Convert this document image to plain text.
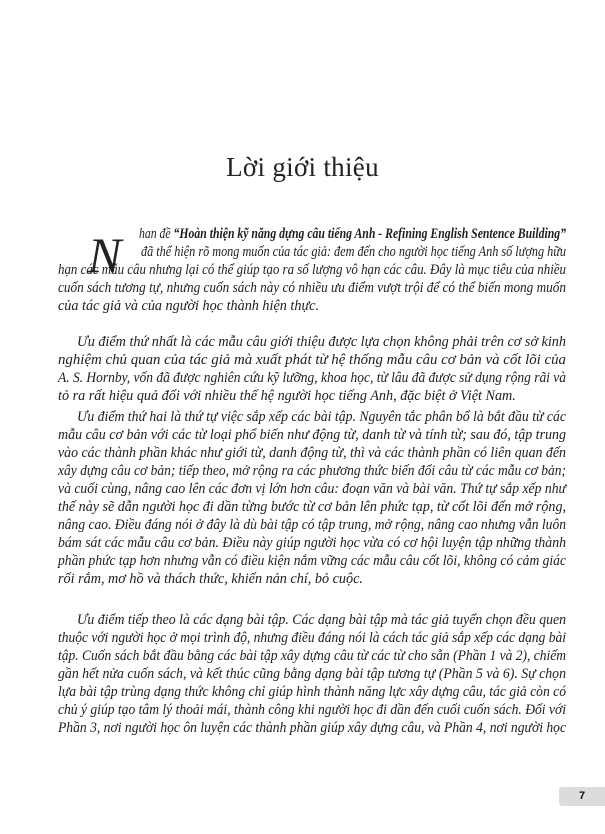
Lời giới thiệu
N han đề “Hoàn thiện kỹ năng dựng câu tiếng Anh - Refining English Sentence Building”
đã thể hiện rõ mong muốn của tác giả: đem đến cho người học tiếng Anh số lượng hữu
hạn các mẫu câu nhưng lại có thể giúp tạo ra số lượng vô hạn các câu. Đây là mục tiêu của nhiều
cuốn sách tương tự, nhưng cuốn sách này có nhiều ưu điểm vượt trội để có thể biến mong muốn
của tác giả và của người học thành hiện thực.
Ưu điểm thứ nhất là các mẫu câu giới thiệu được lựa chọn không phải trên cơ sở kinh
nghiệm chủ quan của tác giả mà xuất phát từ hệ thống mẫu câu cơ bản và cốt lõi của
A. S. Hornby, vốn đã được nghiên cứu kỹ lưỡng, khoa học, từ lâu đã được sử dụng rộng rãi và
tỏ ra rất hiệu quả đối với nhiều thế hệ người học tiếng Anh, đặc biệt ở Việt Nam.
Ưu điểm thứ hai là thứ tự việc sắp xếp các bài tập. Nguyên tắc phân bổ là bắt đầu từ các
mẫu câu cơ bản với các từ loại phổ biến như động từ, danh từ và tính từ; sau đó, tập trung
vào các thành phần khác như giới từ, danh động từ, thì và các thành phần có liên quan đến
xây dựng câu cơ bản; tiếp theo, mở rộng ra các phương thức biến đổi câu từ các mẫu cơ bản;
và cuối cùng, nâng cao lên các đơn vị lớn hơn câu: đoạn văn và bài văn. Thứ tự sắp xếp như
thế này sẽ dẫn người học đi dần từng bước từ cơ bản lên phức tạp, từ cốt lõi đến mở rộng,
nâng cao. Điều đáng nói ở đây là dù bài tập có tập trung, mở rộng, nâng cao nhưng vẫn luôn
bám sát các mẫu câu cơ bản. Điều này giúp người học vừa có cơ hội luyện tập những thành
phần phức tạp hơn nhưng vẫn có điều kiện nắm vững các mẫu câu cốt lõi, không có cảm giác
rối rắm, mơ hồ và thách thức, khiến nản chí, bỏ cuộc.
Ưu điểm tiếp theo là các dạng bài tập. Các dạng bài tập mà tác giả tuyển chọn đều quen
thuộc với người học ở mọi trình độ, nhưng điều đáng nói là cách tác giả sắp xếp các dạng bài
tập. Cuốn sách bắt đầu bằng các bài tập xây dựng câu từ các từ cho sẵn (Phần 1 và 2), chiếm
gần hết nửa cuốn sách, và kết thúc cũng bằng dạng bài tập tương tự (Phần 5 và 6). Sự chọn
lựa bài tập trùng dạng thức không chỉ giúp hình thành năng lực xây dựng câu, tác giả còn có
chủ ý giúp tạo tâm lý thoải mái, thành công khi người học đi dần đến cuối cuốn sách. Đối với
Phần 3, nơi người học ôn luyện các thành phần giúp xây dựng câu, và Phần 4, nơi người học
7
